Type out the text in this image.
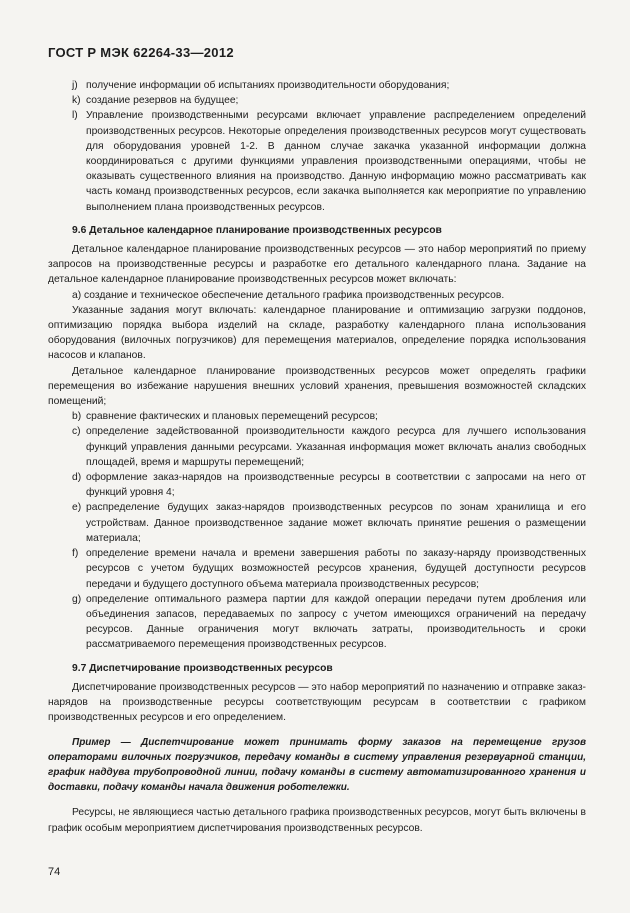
ГОСТ Р МЭК 62264-33—2012
j) получение информации об испытаниях производительности оборудования;
k) создание резервов на будущее;
l) Управление производственными ресурсами включает управление распределением определений производственных ресурсов. Некоторые определения производственных ресурсов могут существовать для оборудования уровней 1-2. В данном случае закачка указанной информации должна координироваться с другими функциями управления производственными операциями, чтобы не оказывать существенного влияния на производство. Данную информацию можно рассматривать как часть команд производственных ресурсов, если закачка выполняется как мероприятие по управлению выполнением плана производственных ресурсов.
9.6 Детальное календарное планирование производственных ресурсов

Детальное календарное планирование производственных ресурсов — это набор мероприятий по приему запросов на производственные ресурсы и разработке его детального календарного плана. Задание на детальное календарное планирование производственных ресурсов может включать:

а) создание и техническое обеспечение детального графика производственных ресурсов.

Указанные задания могут включать: календарное планирование и оптимизацию загрузки поддонов, оптимизацию порядка выбора изделий на складе, разработку календарного плана использования оборудования (вилочных погрузчиков) для перемещения материалов, определение порядка использования насосов и клапанов.

Детальное календарное планирование производственных ресурсов может определять графики перемещения во избежание нарушения внешних условий хранения, превышения возможностей складских помещений;

b) сравнение фактических и плановых перемещений ресурсов;
c) определение задействованной производительности каждого ресурса для лучшего использования функций управления данными ресурсами. Указанная информация может включать анализ свободных площадей, время и маршруты перемещений;
d) оформление заказ-нарядов на производственные ресурсы в соответствии с запросами на него от функций уровня 4;
e) распределение будущих заказ-нарядов производственных ресурсов по зонам хранилища и его устройствам. Данное производственное задание может включать принятие решения о размещении материала;
f) определение времени начала и времени завершения работы по заказу-наряду производственных ресурсов с учетом будущих возможностей ресурсов хранения, будущей доступности ресурсов передачи и будущего доступного объема материала производственных ресурсов;
g) определение оптимального размера партии для каждой операции передачи путем дробления или объединения запасов, передаваемых по запросу с учетом имеющихся ограничений на передачу ресурсов. Данные ограничения могут включать затраты, производительность и сроки рассматриваемого перемещения производственных ресурсов.
9.7 Диспетчирование производственных ресурсов

Диспетчирование производственных ресурсов — это набор мероприятий по назначению и отправке заказ-нарядов на производственные ресурсы соответствующим ресурсам в соответствии с графиком производственных ресурсов и его определением.

Пример — Диспетчирование может принимать форму заказов на перемещение грузов операторами вилочных погрузчиков, передачу команды в систему управления резервуарной станции, график наддува трубопроводной линии, подачу команды в систему автоматизированного хранения и доставки, подачу команды начала движения роботележки.

Ресурсы, не являющиеся частью детального графика производственных ресурсов, могут быть включены в график особым мероприятием диспетчирования производственных ресурсов.

74
